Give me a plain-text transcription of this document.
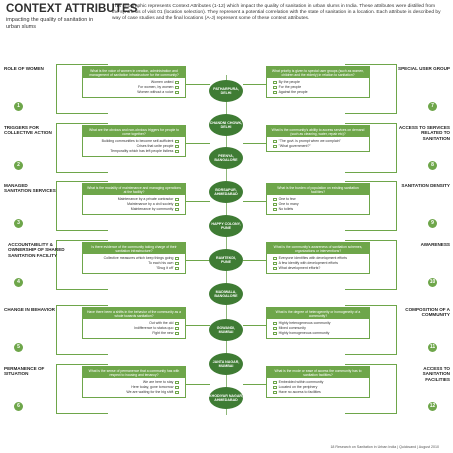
CONTEXT ATTRIBUTES
impacting the quality of sanitation in urban slums
This infographic represents Context Attributes (1-12) which impact the quality of sanitation in urban slums in India. These attributes were distilled from the synthesis of visit 01 (location selection). They represent a potential correlation with the state of sanitation in a location. Each attribute is described by way of case studies and the final locations (A-J) represent some of these context attributes.
ROLE OF WOMEN
1
What is the voice of women in creation, administration and management of sanitation infrastructure for the community?
Women united
For women, by women
Women without a voice
TRIGGERS FOR COLLECTIVE ACTION
2
What are the obvious and non-obvious triggers for people to come together?
Building communities to become self-sufficient
Crises that unite people
Temporality which has left people listless
MANAGED SANITATION SERVICES
3
What is the modality of maintenance and managing operations at the facility?
Maintenance by a private contractor
Maintenance by a civil society
Maintenance by community
ACCOUNTABILITY & OWNERSHIP OF SHARED SANITATION FACILITY
4
Is there evidence of the community taking charge of their sanitation infrastructure?
Collective measures which keep things going
To each his own
'Shug it off'
CHANGE IN BEHAVIOR
5
Have there been a shifts in the behavior of the community as a whole towards sanitation?
Out with the old
Indifference to status quo
Fight the new
PERMANENCE OF SITUATION
6
What is the sense of permanence that a community has with respect to housing and tenancy?
We are here to stay
Here today, gone tomorrow
We are waiting for the big shift
SPECIAL USER GROUP
7
What priority is given to special user groups (such as women, children and the elderly) in relation to sanitation?
By the people
For the people
Against the people
ACCESS TO SERVICES RELATED TO SANITATION
8
What is the community's ability to access services on demand (such as cleaning, water, repair etc)?
"The govt. is prompt when we complain"
"What government?"
SANITATION DENSITY
9
What is the burden of population on existing sanitation facilities?
One to few
One to many
No toilets
AWARENESS
10
What is the community's awareness of sanitation schemes, organizations or interventions?
Everyone identifies with development efforts
A few identify with development efforts
What development efforts?
COMPOSITION OF A COMMUNITY
11
What is the degree of heterogeneity or homogeneity of a community?
Highly heterogeneous community
Mixed community
Highly homogeneous community
ACCESS TO SANITATION FACILITIES
12
What is the mode or ease of access the community has to sanitation facilities?
Embedded within community
Located on the periphery
Have no access to facilities
PATHARPURA,
DELHI
CHANDNI CHOWK,
DELHI
PEENYA,
BANGALORE
BORSAPUR,
AHMEDABAD
HAPPY COLONY,
PUNE
RAMTEKDI,
PUNE
MADIWALA,
BANGALORE
GOWANDI,
MUMBAI
JANTA NAGAR,
MUMBAI
KHODIYAR NAGAR,
AHMEDABAD
18 Research on Sanitation in Urban India | Quicksand | August 2010
